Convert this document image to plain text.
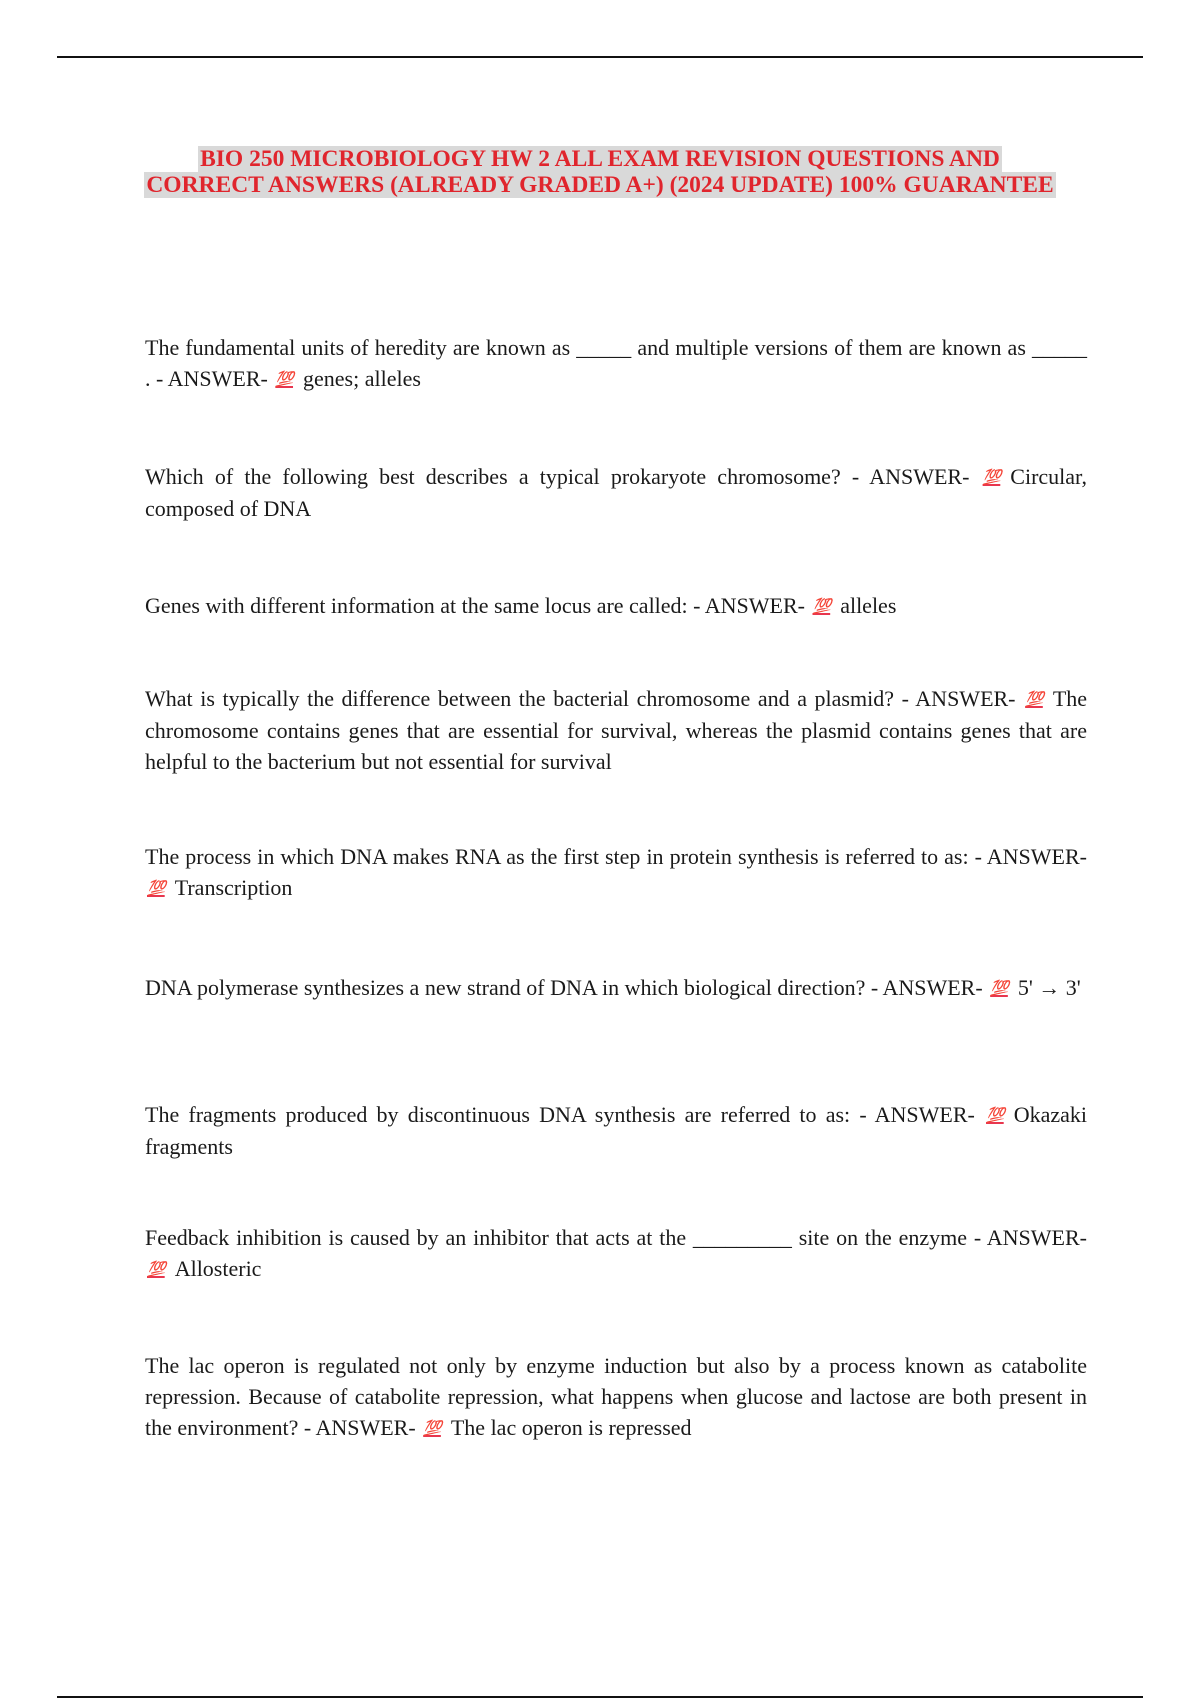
BIO 250 MICROBIOLOGY HW 2 ALL EXAM REVISION QUESTIONS AND
CORRECT ANSWERS (ALREADY GRADED A+) (2024 UPDATE) 100% GUARANTEE

The fundamental units of heredity are known as _____ and multiple versions of them are known as _____ . - ANSWER- 💯 genes; alleles

Which of the following best describes a typical prokaryote chromosome? - ANSWER- 💯 Circular, composed of DNA

Genes with different information at the same locus are called: - ANSWER- 💯 alleles

What is typically the difference between the bacterial chromosome and a plasmid? - ANSWER- 💯 The chromosome contains genes that are essential for survival, whereas the plasmid contains genes that are helpful to the bacterium but not essential for survival

The process in which DNA makes RNA as the first step in protein synthesis is referred to as: - ANSWER- 💯 Transcription

DNA polymerase synthesizes a new strand of DNA in which biological direction? - ANSWER- 💯 5' → 3'

The fragments produced by discontinuous DNA synthesis are referred to as: - ANSWER- 💯 Okazaki fragments

Feedback inhibition is caused by an inhibitor that acts at the _________ site on the enzyme - ANSWER- 💯 Allosteric

The lac operon is regulated not only by enzyme induction but also by a process known as catabolite repression. Because of catabolite repression, what happens when glucose and lactose are both present in the environment? - ANSWER- 💯 The lac operon is repressed
